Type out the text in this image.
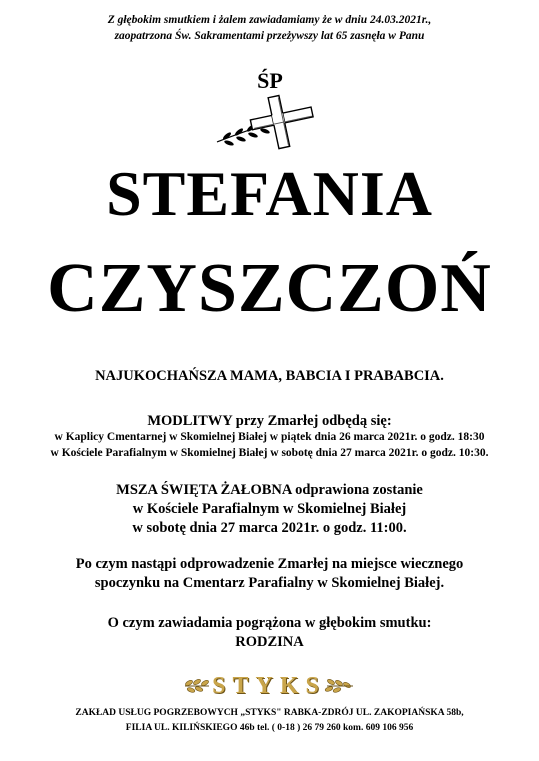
Z głębokim smutkiem i żalem zawiadamiamy że w dniu 24.03.2021r.,
zaopatrzona Św. Sakramentami przeżywszy lat 65 zasnęła w Panu
ŚP
STEFANIA
CZYSZCZOŃ
NAJUKOCHAŃSZA MAMA, BABCIA I PRABABCIA.
MODLITWY przy Zmarłej odbędą się:
w Kaplicy Cmentarnej w Skomielnej Białej w piątek dnia 26 marca 2021r. o godz. 18:30
w Kościele Parafialnym w Skomielnej Białej w sobotę dnia 27 marca 2021r. o godz. 10:30.
MSZA ŚWIĘTA ŻAŁOBNA odprawiona zostanie
w Kościele Parafialnym w Skomielnej Białej
w sobotę dnia 27 marca 2021r. o godz. 11:00.
Po czym nastąpi odprowadzenie Zmarłej na miejsce wiecznego
spoczynku na Cmentarz Parafialny w Skomielnej Białej.
O czym zawiadamia pogrążona w głębokim smutku:
RODZINA
STYKS
ZAKŁAD USŁUG POGRZEBOWYCH „STYKS" RABKA-ZDRÓJ UL. ZAKOPIAŃSKA 58b,
FILIA UL. KILIŃSKIEGO 46b tel. ( 0-18 ) 26 79 260 kom. 609 106 956
